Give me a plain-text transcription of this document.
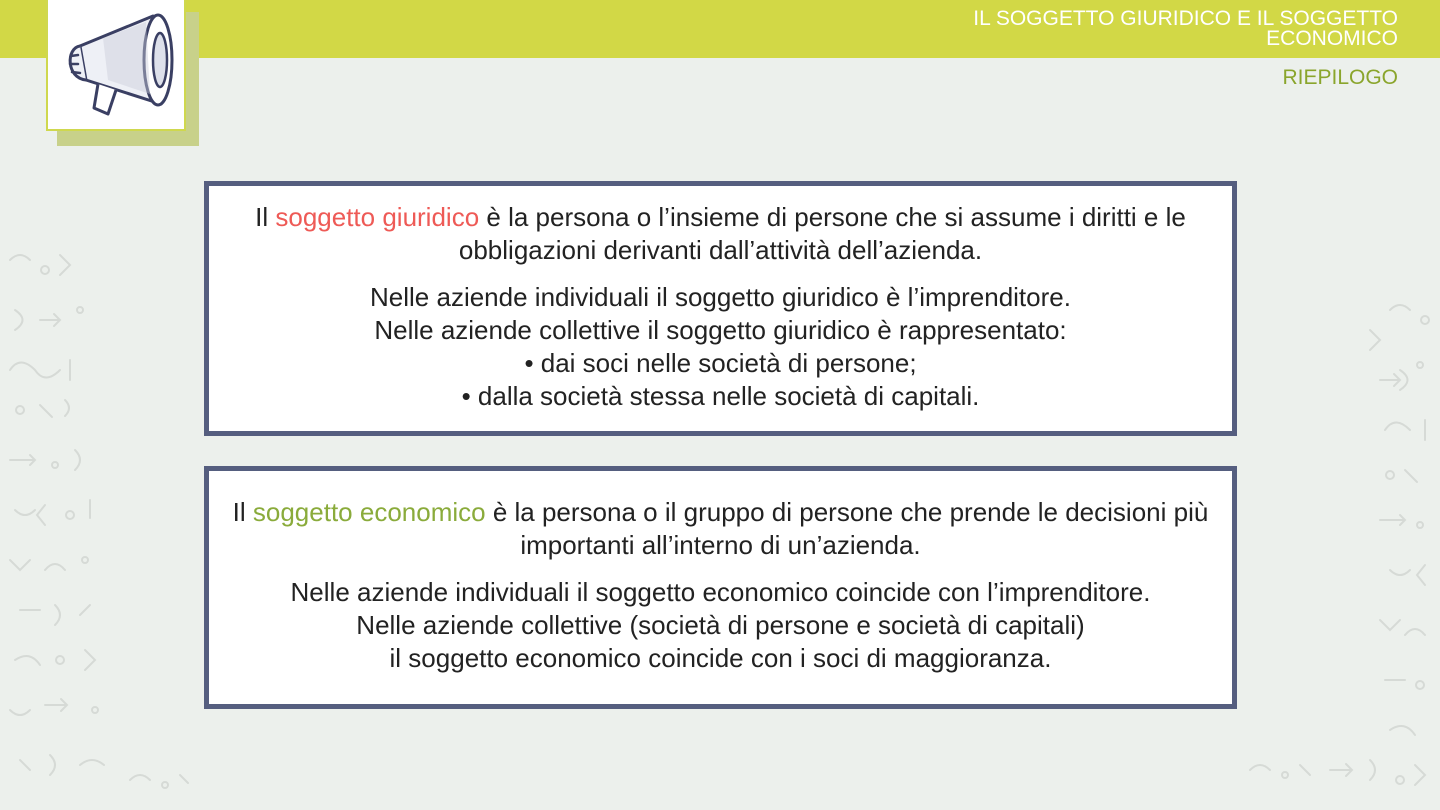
IL SOGGETTO GIURIDICO E IL SOGGETTO ECONOMICO
RIEPILOGO

Il soggetto giuridico è la persona o l’insieme di persone che si assume i diritti e le obbligazioni derivanti dall’attività dell’azienda.

Nelle aziende individuali il soggetto giuridico è l’imprenditore.
Nelle aziende collettive il soggetto giuridico è rappresentato:
• dai soci nelle società di persone;
• dalla società stessa nelle società di capitali.

Il soggetto economico è la persona o il gruppo di persone che prende le decisioni più importanti all’interno di un’azienda.

Nelle aziende individuali il soggetto economico coincide con l’imprenditore.
Nelle aziende collettive (società di persone e società di capitali)
il soggetto economico coincide con i soci di maggioranza.
